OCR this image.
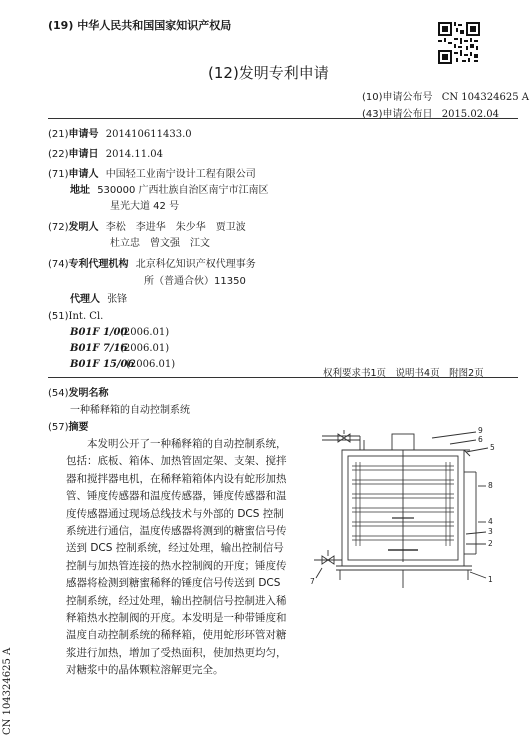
(19) 中华人民共和国国家知识产权局
(12)发明专利申请
(10)申请公布号 CN 104324625 A
(43)申请公布日 2015.02.04
(21)申请号 201410611433.0
(22)申请日 2014.11.04
(71)申请人 中国轻工业南宁设计工程有限公司
地址 530000 广西壮族自治区南宁市江南区
星光大道 42 号
(72)发明人 李松　李进华　朱少华　贾卫波
杜立忠　曾文强　江文
(74)专利代理机构 北京科亿知识产权代理事务
所（普通合伙）11350
代理人 张锋
(51)Int. Cl.
B01F 1/00(2006.01)
B01F 7/16(2006.01)
B01F 15/06(2006.01)
权利要求书1页　说明书4页　附图2页
(54)发明名称
一种稀释箱的自动控制系统
(57)摘要
本发明公开了一种稀释箱的自动控制系统，包括：底板、箱体、加热管固定架、支架、搅拌器和搅拌器电机，在稀释箱箱体内设有蛇形加热管、锤度传感器和温度传感器，锤度传感器和温度传感器通过现场总线技术与外部的 DCS 控制系统进行通信，温度传感器将测到的糖蜜信号传送到 DCS 控制系统，经过处理，输出控制信号控制与加热管连接的热水控制阀的开度；锤度传感器将检测到糖蜜稀释的锤度信号传送到 DCS 控制系统，经过处理，输出控制信号控制进入稀释箱热水控制阀的开度。本发明是一种带锤度和温度自动控制系统的稀释箱，使用蛇形环管对糖浆进行加热，增加了受热面积，使加热更均匀，对糖浆中的晶体颗粒溶解更完全。
9
6
5
8
4
3
2
1
7
CN 104324625 A
